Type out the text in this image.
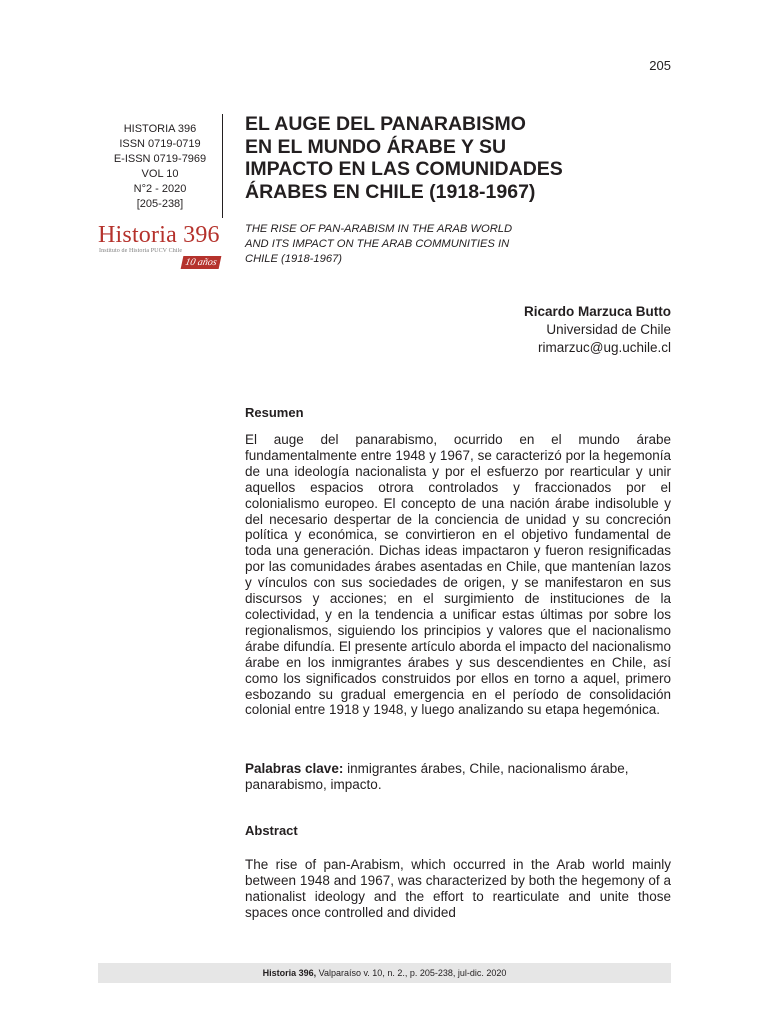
205
HISTORIA 396
ISSN 0719-0719
E-ISSN 0719-7969
VOL 10
N°2 - 2020
[205-238]
Historia 396
Instituto de Historia PUCV Chile
10 años
EL AUGE DEL PANARABISMO
EN EL MUNDO ÁRABE Y SU
IMPACTO EN LAS COMUNIDADES
ÁRABES EN CHILE (1918-1967)
THE RISE OF PAN-ARABISM IN THE ARAB WORLD
AND ITS IMPACT ON THE ARAB COMMUNITIES IN
CHILE (1918-1967)
Ricardo Marzuca Butto
Universidad de Chile
rimarzuc@ug.uchile.cl
Resumen

El auge del panarabismo, ocurrido en el mundo árabe fundamentalmente entre 1948 y 1967, se caracterizó por la hegemonía de una ideología nacionalista y por el esfuerzo por rearticular y unir aquellos espacios otrora controlados y fraccionados por el colonialismo europeo. El concepto de una nación árabe indisoluble y del necesario despertar de la conciencia de unidad y su concreción política y económica, se convirtieron en el objetivo fundamental de toda una generación. Dichas ideas impactaron y fueron resignificadas por las comunidades árabes asentadas en Chile, que mantenían lazos y vínculos con sus sociedades de origen, y se manifestaron en sus discursos y acciones; en el surgimiento de instituciones de la colectividad, y en la tendencia a unificar estas últimas por sobre los regionalismos, siguiendo los principios y valores que el nacionalismo árabe difundía. El presente artículo aborda el impacto del nacionalismo árabe en los inmigrantes árabes y sus descendientes en Chile, así como los significados construidos por ellos en torno a aquel, primero esbozando su gradual emergencia en el período de consolidación colonial entre 1918 y 1948, y luego analizando su etapa hegemónica.

Palabras clave: inmigrantes árabes, Chile, nacionalismo árabe, panarabismo, impacto.

Abstract

The rise of pan-Arabism, which occurred in the Arab world mainly between 1948 and 1967, was characterized by both the hegemony of a nationalist ideology and the effort to rearticulate and unite those spaces once controlled and divided

Historia 396, Valparaíso v. 10, n. 2., p. 205-238, jul-dic. 2020
